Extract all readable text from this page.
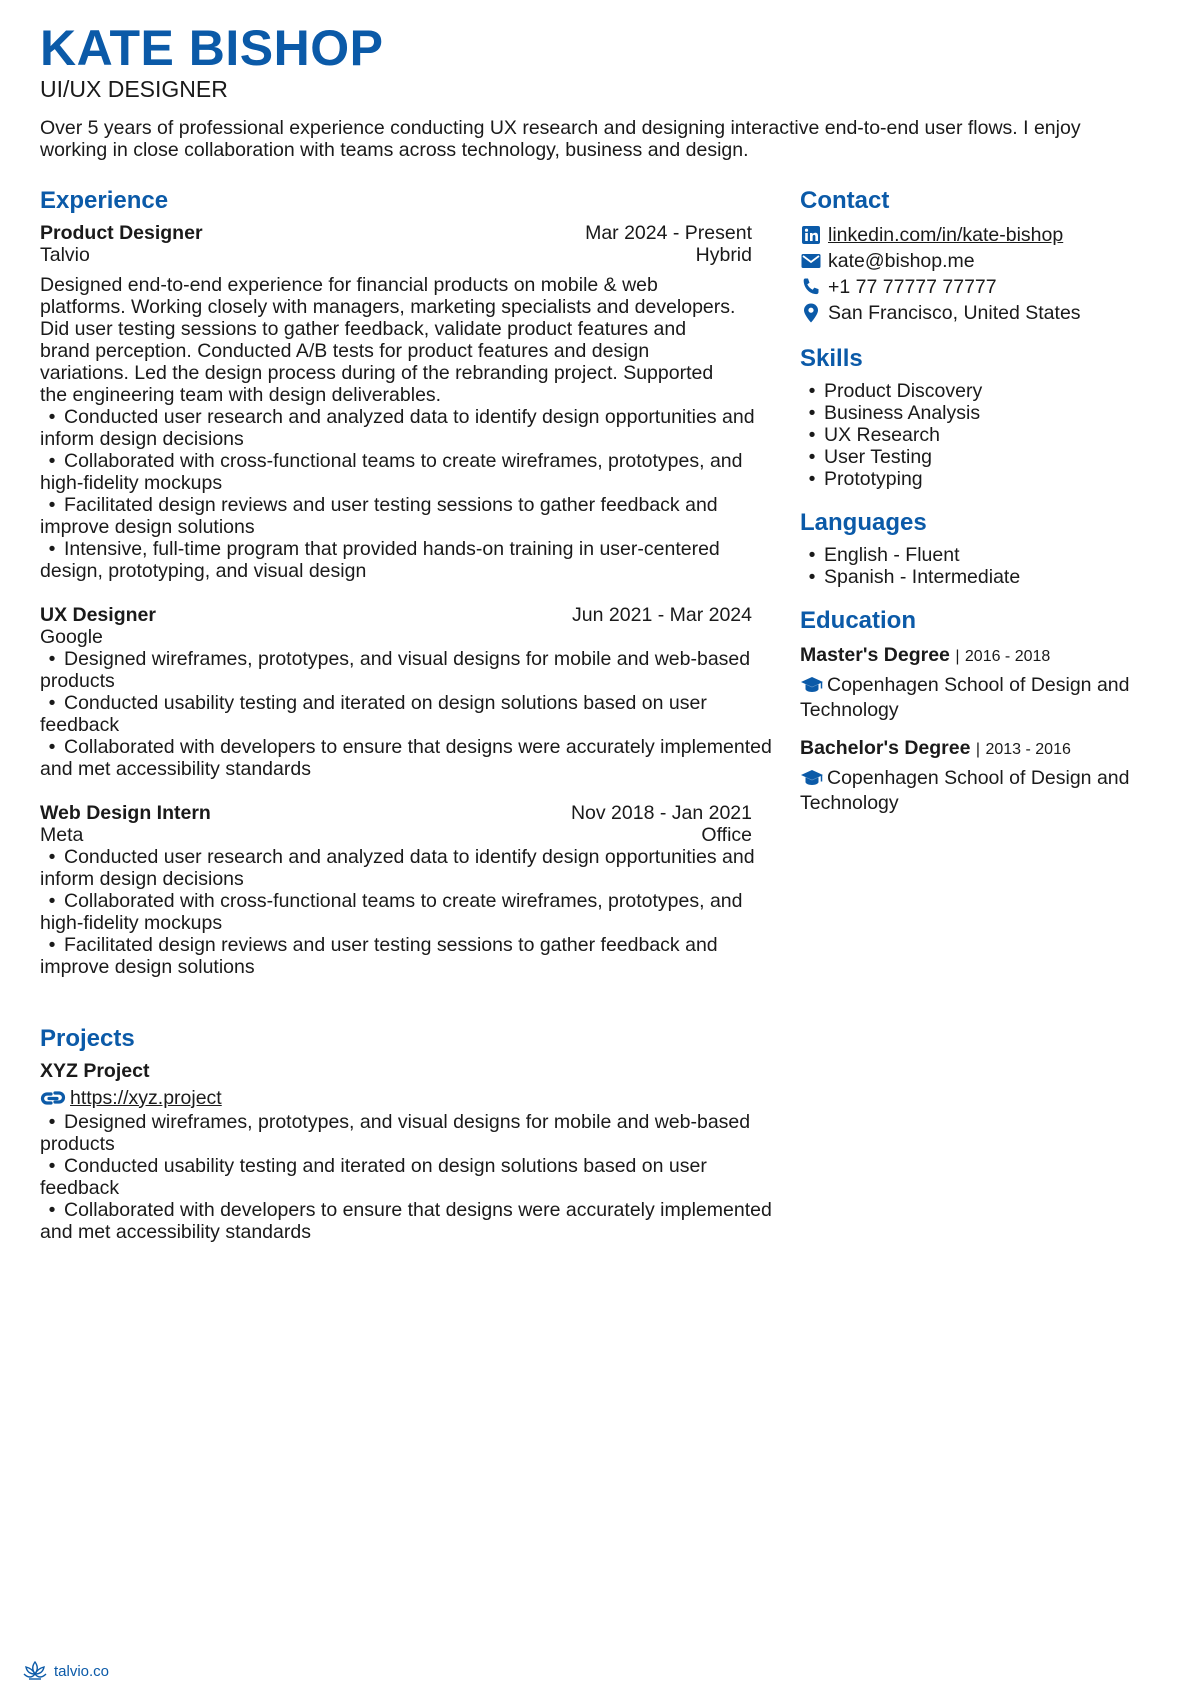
KATE BISHOP
UI/UX DESIGNER
Over 5 years of professional experience conducting UX research and designing interactive end-to-end user flows. I enjoy working in close collaboration with teams across technology, business and design.
Experience
Product Designer	Mar 2024 - Present
Talvio	Hybrid
Designed end-to-end experience for financial products on mobile & web platforms. Working closely with managers, marketing specialists and developers. Did user testing sessions to gather feedback, validate product features and brand perception. Conducted A/B tests for product features and design variations. Led the design process during of the rebranding project. Supported the engineering team with design deliverables.
• Conducted user research and analyzed data to identify design opportunities and inform design decisions
• Collaborated with cross-functional teams to create wireframes, prototypes, and high-fidelity mockups
• Facilitated design reviews and user testing sessions to gather feedback and improve design solutions
• Intensive, full-time program that provided hands-on training in user-centered design, prototyping, and visual design
UX Designer	Jun 2021 - Mar 2024
Google
• Designed wireframes, prototypes, and visual designs for mobile and web-based products
• Conducted usability testing and iterated on design solutions based on user feedback
• Collaborated with developers to ensure that designs were accurately implemented and met accessibility standards
Web Design Intern	Nov 2018 - Jan 2021
Meta	Office
• Conducted user research and analyzed data to identify design opportunities and inform design decisions
• Collaborated with cross-functional teams to create wireframes, prototypes, and high-fidelity mockups
• Facilitated design reviews and user testing sessions to gather feedback and improve design solutions
Projects
XYZ Project
https://xyz.project
• Designed wireframes, prototypes, and visual designs for mobile and web-based products
• Conducted usability testing and iterated on design solutions based on user feedback
• Collaborated with developers to ensure that designs were accurately implemented and met accessibility standards
Contact
linkedin.com/in/kate-bishop
kate@bishop.me
+1 77 77777 77777
San Francisco, United States
Skills
• Product Discovery
• Business Analysis
• UX Research
• User Testing
• Prototyping
Languages
• English - Fluent
• Spanish - Intermediate
Education
Master's Degree | 2016 - 2018
Copenhagen School of Design and Technology
Bachelor's Degree | 2013 - 2016
Copenhagen School of Design and Technology
talvio.co
